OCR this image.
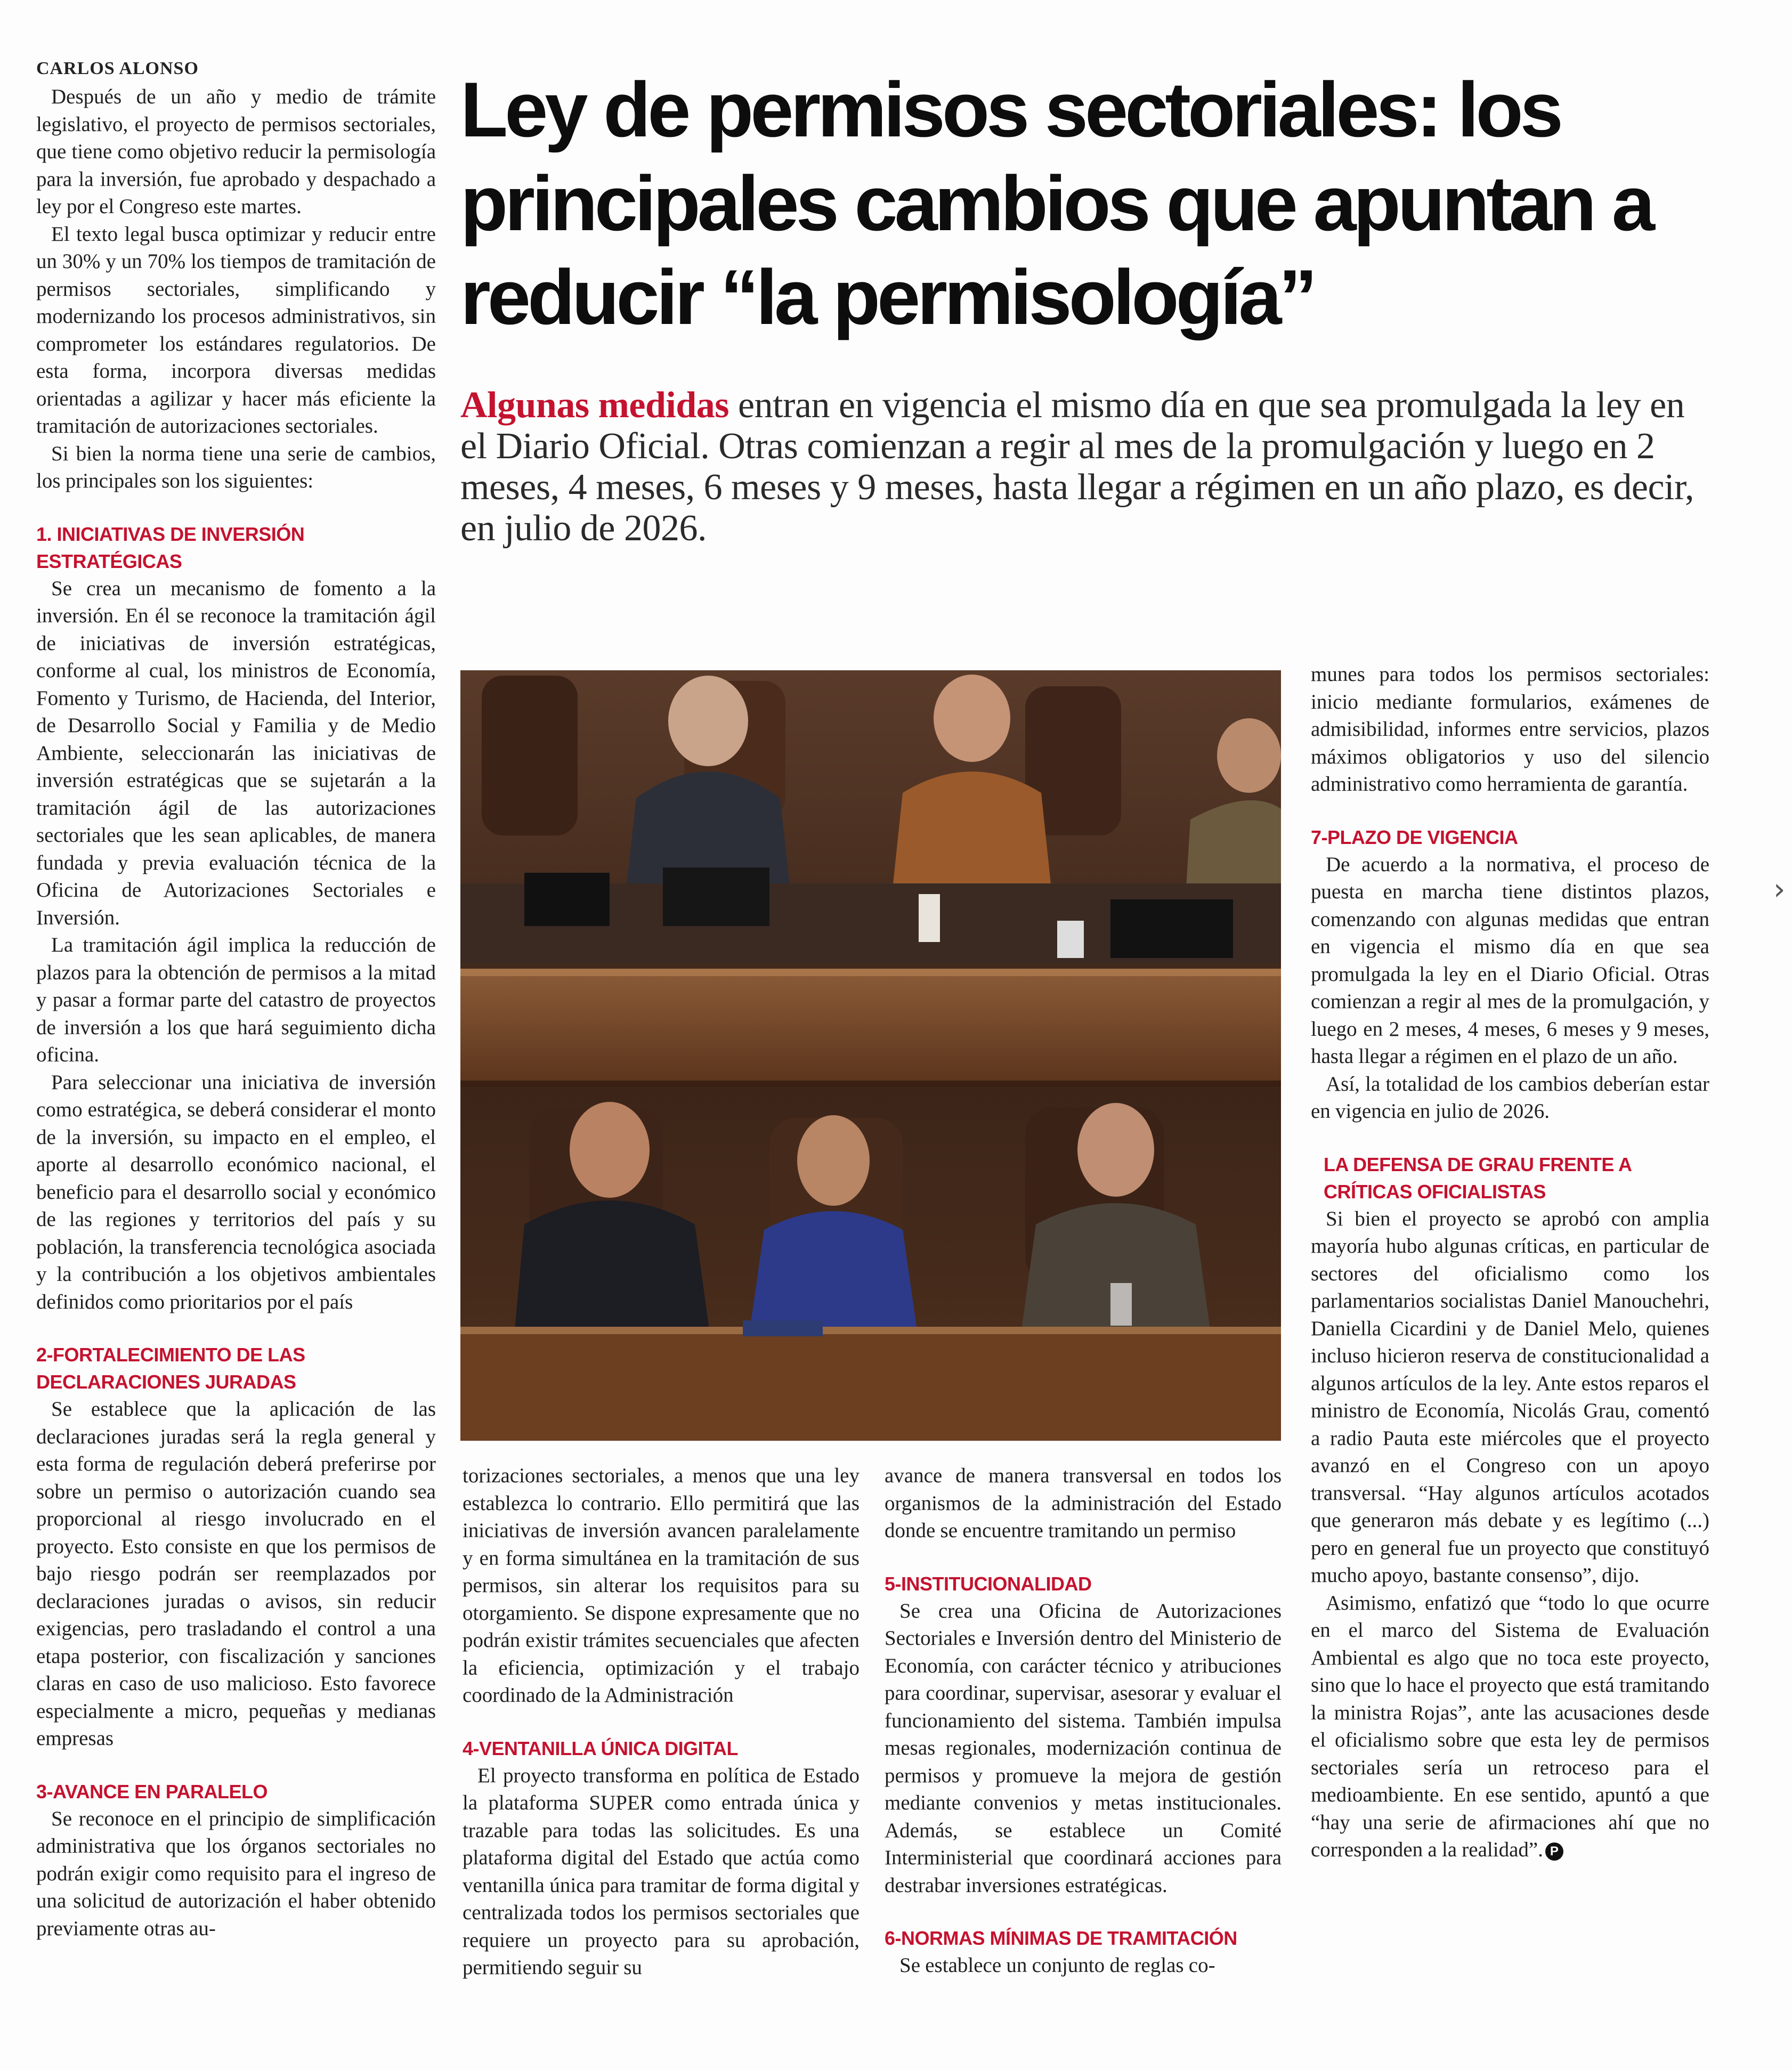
CARLOS ALONSO	Ley de permisos sectoriales: los principales cambios que apuntan a reducir “la permisología”
Algunas medidas entran en vigencia el mismo día en que sea promulgada la ley en el Diario Oficial. Otras comienzan a regir al mes de la promulgación y luego en 2 meses, 4 meses, 6 meses y 9 meses, hasta llegar a régimen en un año plazo, es decir, en julio de 2026.

Después de un año y medio de trámite legislativo, el proyecto de permisos sectoriales, que tiene como objetivo reducir la permisología para la inversión, fue aprobado y despachado a ley por el Congreso este martes.

El texto legal busca optimizar y reducir entre un 30% y un 70% los tiempos de tramitación de permisos sectoriales, simplificando y modernizando los procesos administrativos, sin comprometer los estándares regulatorios. De esta forma, incorpora diversas medidas orientadas a agilizar y hacer más eficiente la tramitación de autorizaciones sectoriales.

Si bien la norma tiene una serie de cambios, los principales son los siguientes:

1. INICIATIVAS DE INVERSIÓN ESTRATÉGICAS

Se crea un mecanismo de fomento a la inversión. En él se reconoce la tramitación ágil de iniciativas de inversión estratégicas, conforme al cual, los ministros de Economía, Fomento y Turismo, de Hacienda, del Interior, de Desarrollo Social y Familia y de Medio Ambiente, seleccionarán las iniciativas de inversión estratégicas que se sujetarán a la tramitación ágil de las autorizaciones sectoriales que les sean aplicables, de manera fundada y previa evaluación técnica de la Oficina de Autorizaciones Sectoriales e Inversión.

La tramitación ágil implica la reducción de plazos para la obtención de permisos a la mitad y pasar a formar parte del catastro de proyectos de inversión a los que hará seguimiento dicha oficina.

Para seleccionar una iniciativa de inversión como estratégica, se deberá considerar el monto de la inversión, su impacto en el empleo, el aporte al desarrollo económico nacional, el beneficio para el desarrollo social y económico de las regiones y territorios del país y su población, la transferencia tecnológica asociada y la contribución a los objetivos ambientales definidos como prioritarios por el país

2-FORTALECIMIENTO DE LAS DECLARACIONES JURADAS

Se establece que la aplicación de las declaraciones juradas será la regla general y esta forma de regulación deberá preferirse por sobre un permiso o autorización cuando sea proporcional al riesgo involucrado en el proyecto. Esto consiste en que los permisos de bajo riesgo podrán ser reemplazados por declaraciones juradas o avisos, sin reducir exigencias, pero trasladando el control a una etapa posterior, con fiscalización y sanciones claras en caso de uso malicioso. Esto favorece especialmente a micro, pequeñas y medianas empresas

3-AVANCE EN PARALELO

Se reconoce en el principio de simplificación administrativa que los órganos sectoriales no podrán exigir como requisito para el ingreso de una solicitud de autorización el haber obtenido previamente otras au-

torizaciones sectoriales, a menos que una ley establezca lo contrario. Ello permitirá que las iniciativas de inversión avancen paralelamente y en forma simultánea en la tramitación de sus permisos, sin alterar los requisitos para su otorgamiento. Se dispone expresamente que no podrán existir trámites secuenciales que afecten la eficiencia, optimización y el trabajo coordinado de la Administración

4-VENTANILLA ÚNICA DIGITAL

El proyecto transforma en política de Estado la plataforma SUPER como entrada única y trazable para todas las solicitudes. Es una plataforma digital del Estado que actúa como ventanilla única para tramitar de forma digital y centralizada todos los permisos sectoriales que requiere un proyecto para su aprobación, permitiendo seguir su

avance de manera transversal en todos los organismos de la administración del Estado donde se encuentre tramitando un permiso

5-INSTITUCIONALIDAD

Se crea una Oficina de Autorizaciones Sectoriales e Inversión dentro del Ministerio de Economía, con carácter técnico y atribuciones para coordinar, supervisar, asesorar y evaluar el funcionamiento del sistema. También impulsa mesas regionales, modernización continua de permisos y promueve la mejora de gestión mediante convenios y metas institucionales. Además, se establece un Comité Interministerial que coordinará acciones para destrabar inversiones estratégicas.

6-NORMAS MÍNIMAS DE TRAMITACIÓN

Se establece un conjunto de reglas co-

munes para todos los permisos sectoriales: inicio mediante formularios, exámenes de admisibilidad, informes entre servicios, plazos máximos obligatorios y uso del silencio administrativo como herramienta de garantía.

7-PLAZO DE VIGENCIA

De acuerdo a la normativa, el proceso de puesta en marcha tiene distintos plazos, comenzando con algunas medidas que entran en vigencia el mismo día en que sea promulgada la ley en el Diario Oficial. Otras comienzan a regir al mes de la promulgación, y luego en 2 meses, 4 meses, 6 meses y 9 meses, hasta llegar a régimen en el plazo de un año.

Así, la totalidad de los cambios deberían estar en vigencia en julio de 2026.

LA DEFENSA DE GRAU FRENTE A CRÍTICAS OFICIALISTAS

Si bien el proyecto se aprobó con amplia mayoría hubo algunas críticas, en particular de sectores del oficialismo como los parlamentarios socialistas Daniel Manouchehri, Daniella Cicardini y de Daniel Melo, quienes incluso hicieron reserva de constitucionalidad a algunos artículos de la ley. Ante estos reparos el ministro de Economía, Nicolás Grau, comentó a radio Pauta este miércoles que el proyecto avanzó en el Congreso con un apoyo transversal. “Hay algunos artículos acotados que generaron más debate y es legítimo (...) pero en general fue un proyecto que constituyó mucho apoyo, bastante consenso”, dijo.

Asimismo, enfatizó que “todo lo que ocurre en el marco del Sistema de Evaluación Ambiental es algo que no toca este proyecto, sino que lo hace el proyecto que está tramitando la ministra Rojas”, ante las acusaciones desde el oficialismo sobre que esta ley de permisos sectoriales sería un retroceso para el medioambiente. En ese sentido, apuntó a que “hay una serie de afirmaciones ahí que no corresponden a la realidad”. P

›
